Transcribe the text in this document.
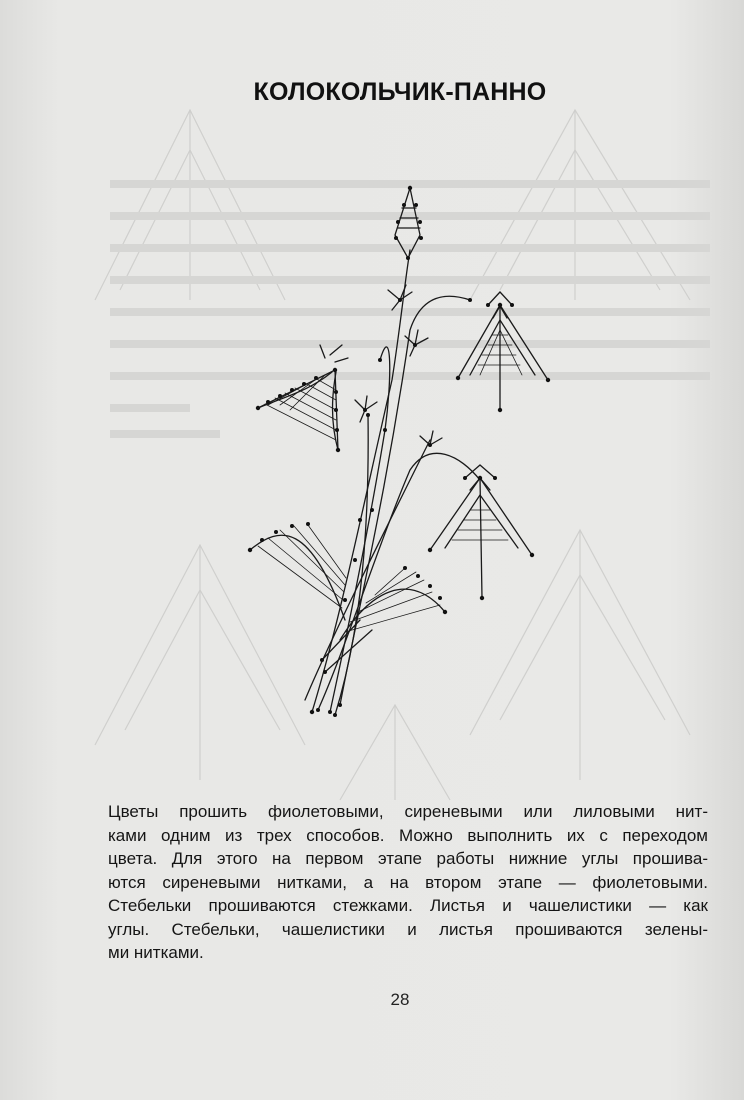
КОЛОКОЛЬЧИК-ПАННО
Цветы прошить фиолетовыми, сиреневыми или лиловыми нит-
ками одним из трех способов. Можно выполнить их с переходом
цвета. Для этого на первом этапе работы нижние углы прошива-
ются сиреневыми нитками, а на втором этапе — фиолетовыми.
Стебельки прошиваются стежками. Листья и чашелистики — как
углы. Стебельки, чашелистики и листья прошиваются зелены-
ми нитками.
28
